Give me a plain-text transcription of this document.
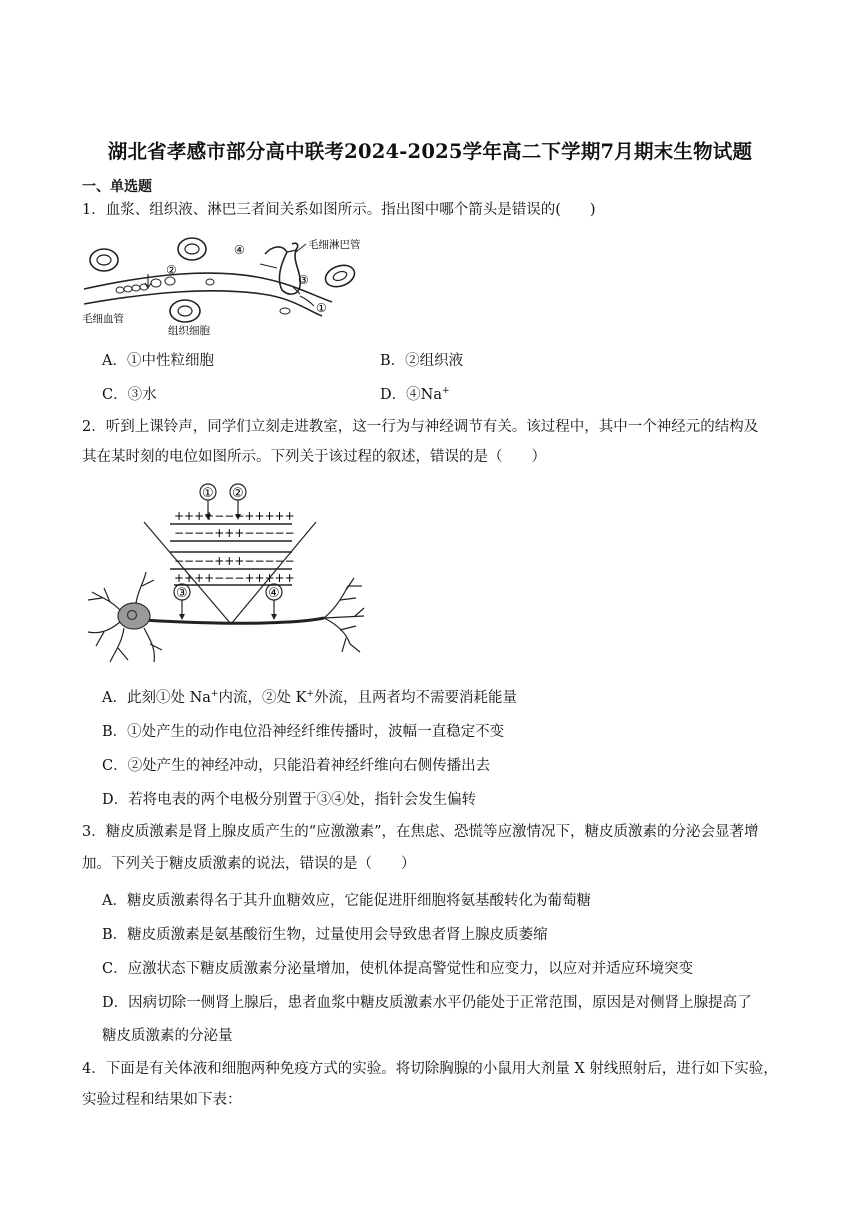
湖北省孝感市部分高中联考2024-2025学年高二下学期7月期末生物试题
一、单选题
1．血浆、组织液、淋巴三者间关系如图所示。指出图中哪个箭头是错误的(　　)
②
④
③
①
毛细淋巴管
毛细血管
组织细胞
A．①中性粒细胞	B．②组织液
C．③水	D．④Na+
2．听到上课铃声，同学们立刻走进教室，这一行为与神经调节有关。该过程中，其中一个神经元的结构及
其在某时刻的电位如图所示。下列关于该过程的叙述，错误的是（　　）
① ②
++++−−−+++++
−−−−+++−−−−−
−−−−+++−−−−−
++++−−−+++++
③	④
A．此刻①处 Na+内流，②处 K+外流，且两者均不需要消耗能量
B．①处产生的动作电位沿神经纤维传播时，波幅一直稳定不变
C．②处产生的神经冲动，只能沿着神经纤维向右侧传播出去
D．若将电表的两个电极分别置于③④处，指针会发生偏转
3．糖皮质激素是肾上腺皮质产生的“应激激素”，在焦虑、恐慌等应激情况下，糖皮质激素的分泌会显著增
加。下列关于糖皮质激素的说法，错误的是（　　）
A．糖皮质激素得名于其升血糖效应，它能促进肝细胞将氨基酸转化为葡萄糖
B．糖皮质激素是氨基酸衍生物，过量使用会导致患者肾上腺皮质萎缩
C．应激状态下糖皮质激素分泌量增加，使机体提高警觉性和应变力，以应对并适应环境突变
D．因病切除一侧肾上腺后，患者血浆中糖皮质激素水平仍能处于正常范围，原因是对侧肾上腺提高了
糖皮质激素的分泌量
4．下面是有关体液和细胞两种免疫方式的实验。将切除胸腺的小鼠用大剂量 X 射线照射后，进行如下实验，
实验过程和结果如下表：
